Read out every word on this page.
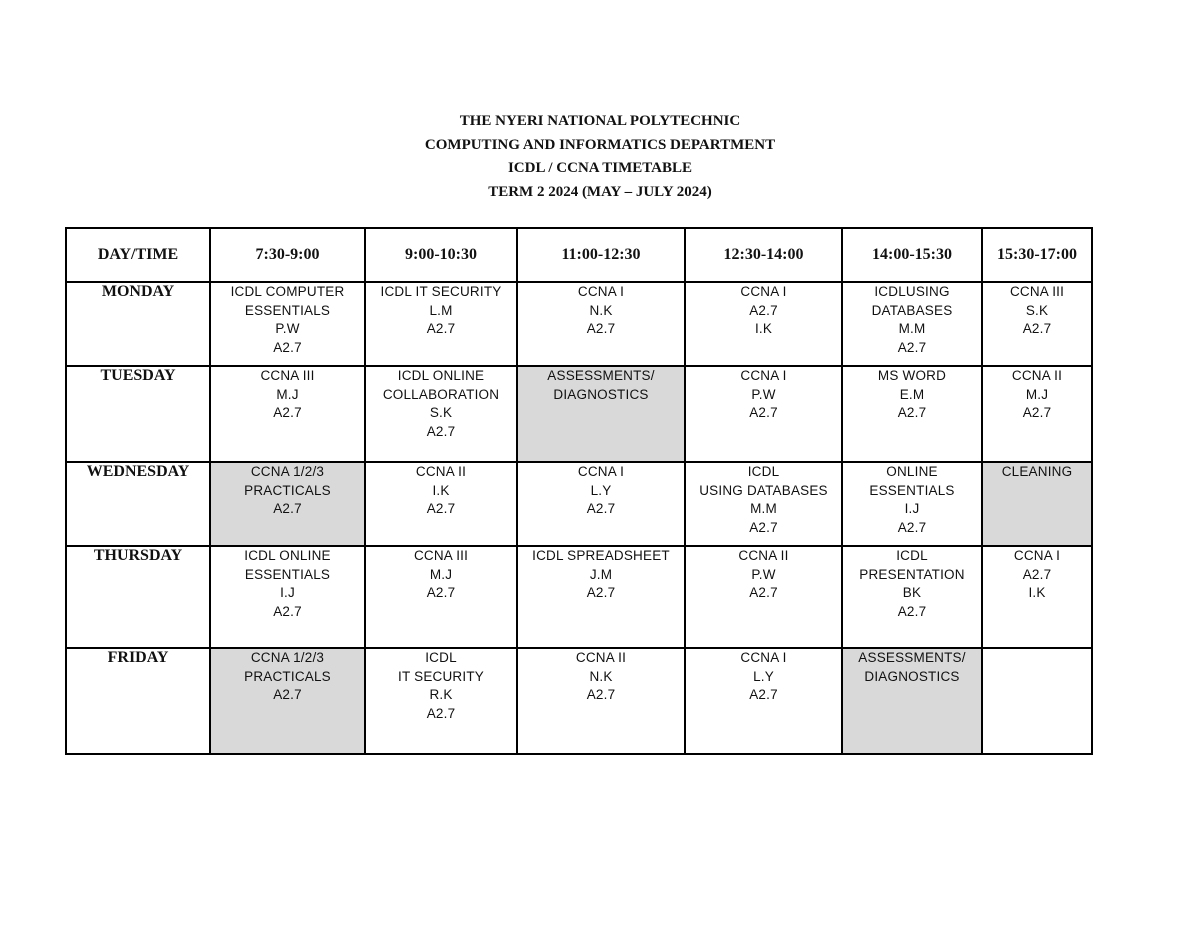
THE NYERI NATIONAL POLYTECHNIC
COMPUTING AND INFORMATICS DEPARTMENT
ICDL / CCNA TIMETABLE
TERM 2 2024 (MAY – JULY 2024)
DAY/TIME	7:30-9:00	9:00-10:30	11:00-12:30	12:30-14:00	14:00-15:30	15:30-17:00
MONDAY	ICDL COMPUTER
ESSENTIALS
P.W
A2.7	ICDL IT SECURITY
L.M
A2.7	CCNA I
N.K
A2.7	CCNA I
A2.7
I.K	ICDLUSING
DATABASES
M.M
A2.7	CCNA III
S.K
A2.7

TUESDAY	CCNA III
M.J
A2.7	ICDL ONLINE
COLLABORATION
S.K
A2.7	ASSESSMENTS/
DIAGNOSTICS	CCNA I
P.W
A2.7	MS WORD
E.M
A2.7	CCNA II
M.J
A2.7

WEDNESDAY	CCNA 1/2/3
PRACTICALS
A2.7	CCNA II
I.K
A2.7	CCNA I
L.Y
A2.7	ICDL
USING DATABASES
M.M
A2.7	ONLINE
ESSENTIALS
I.J
A2.7	CLEANING

THURSDAY	ICDL ONLINE
ESSENTIALS
I.J
A2.7	CCNA III
M.J
A2.7	ICDL SPREADSHEET
J.M
A2.7	CCNA II
P.W
A2.7	ICDL
PRESENTATION
BK
A2.7	CCNA I
A2.7
I.K

FRIDAY	CCNA 1/2/3
PRACTICALS
A2.7	ICDL
IT SECURITY
R.K
A2.7	CCNA II
N.K
A2.7	CCNA I
L.Y
A2.7	ASSESSMENTS/
DIAGNOSTICS	
